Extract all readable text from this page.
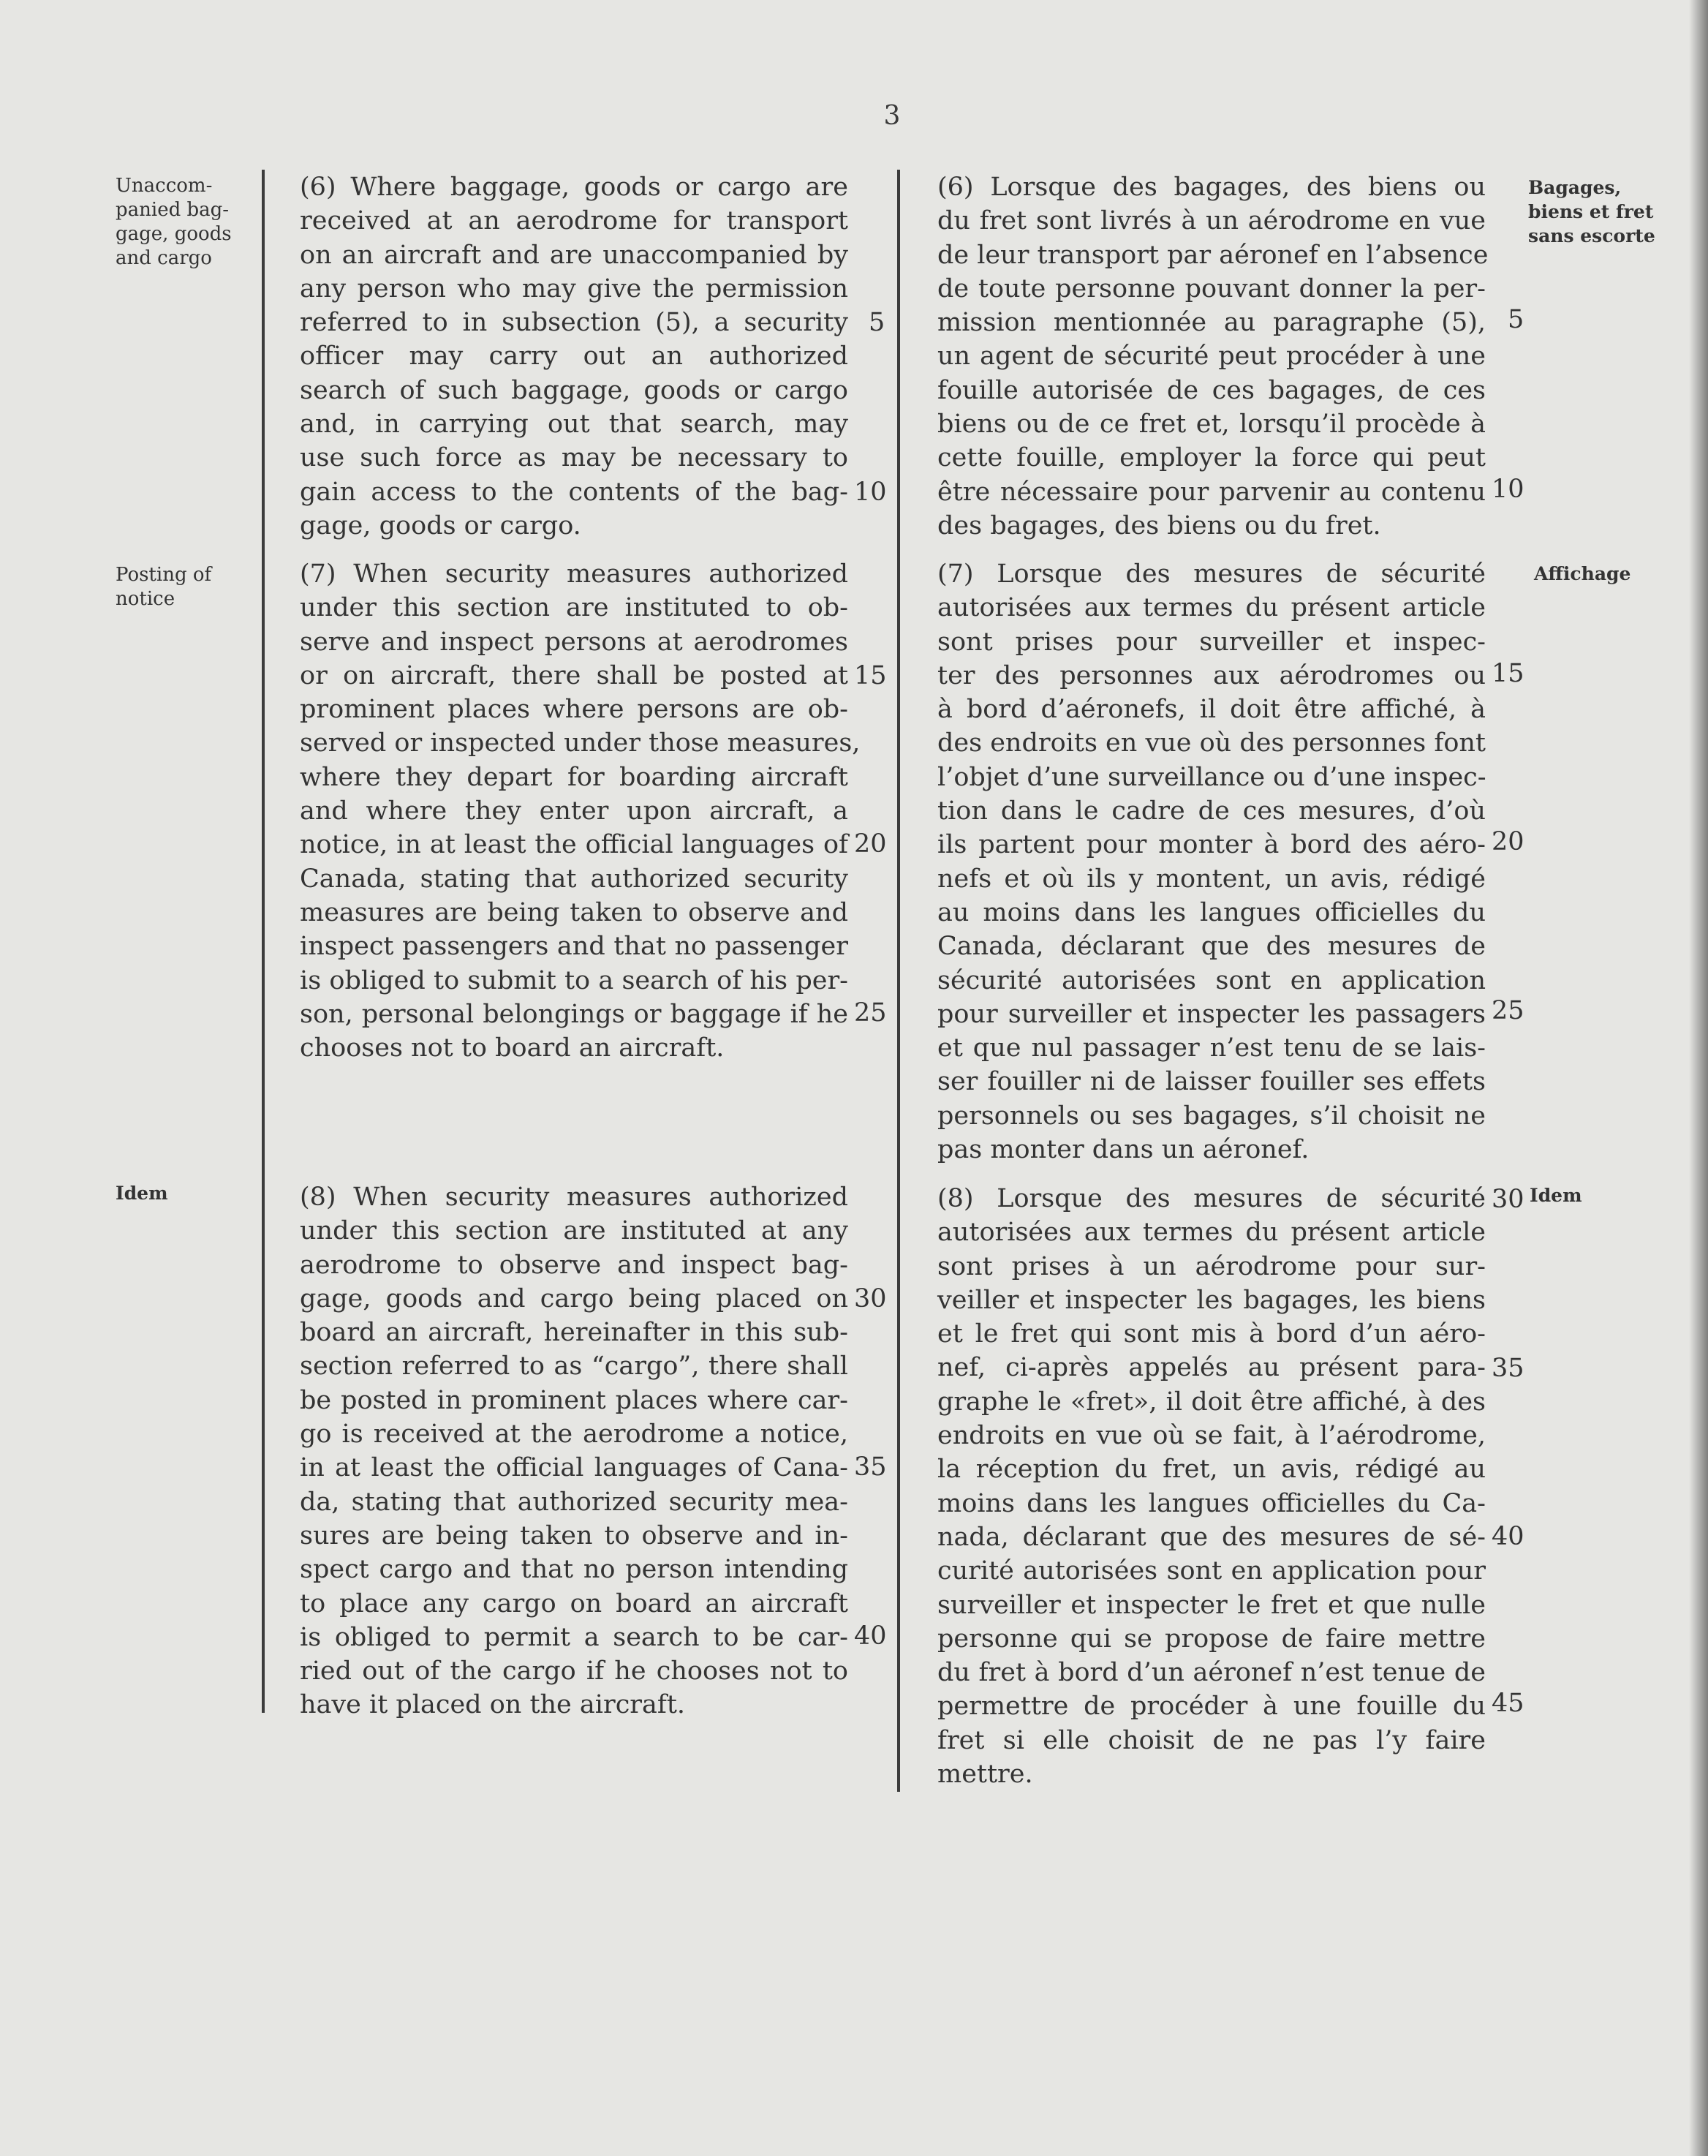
3
Unaccom-
panied bag-
gage, goods
and cargo
Posting of
notice
Idem
Bagages,
biens et fret
sans escorte
Affichage
Idem
(6) Where baggage, goods or cargo are
received at an aerodrome for transport
on an aircraft and are unaccompanied by
any person who may give the permission
referred to in subsection (5), a security
officer may carry out an authorized
search of such baggage, goods or cargo
and, in carrying out that search, may
use such force as may be necessary to
gain access to the contents of the bag-
gage, goods or cargo.
(7) When security measures authorized
under this section are instituted to ob-
serve and inspect persons at aerodromes
or on aircraft, there shall be posted at
prominent places where persons are ob-
served or inspected under those measures,
where they depart for boarding aircraft
and where they enter upon aircraft, a
notice, in at least the official languages of
Canada, stating that authorized security
measures are being taken to observe and
inspect passengers and that no passenger
is obliged to submit to a search of his per-
son, personal belongings or baggage if he
chooses not to board an aircraft.
(8) When security measures authorized
under this section are instituted at any
aerodrome to observe and inspect bag-
gage, goods and cargo being placed on
board an aircraft, hereinafter in this sub-
section referred to as “cargo”, there shall
be posted in prominent places where car-
go is received at the aerodrome a notice,
in at least the official languages of Cana-
da, stating that authorized security mea-
sures are being taken to observe and in-
spect cargo and that no person intending
to place any cargo on board an aircraft
is obliged to permit a search to be car-
ried out of the cargo if he chooses not to
have it placed on the aircraft.
5
10
15
20
25
30
35
40
(6) Lorsque des bagages, des biens ou
du fret sont livrés à un aérodrome en vue
de leur transport par aéronef en l’absence
de toute personne pouvant donner la per-
mission mentionnée au paragraphe (5),
un agent de sécurité peut procéder à une
fouille autorisée de ces bagages, de ces
biens ou de ce fret et, lorsqu’il procède à
cette fouille, employer la force qui peut
être nécessaire pour parvenir au contenu
des bagages, des biens ou du fret.
(7) Lorsque des mesures de sécurité
autorisées aux termes du présent article
sont prises pour surveiller et inspec-
ter des personnes aux aérodromes ou
à bord d’aéronefs, il doit être affiché, à
des endroits en vue où des personnes font
l’objet d’une surveillance ou d’une inspec-
tion dans le cadre de ces mesures, d’où
ils partent pour monter à bord des aéro-
nefs et où ils y montent, un avis, rédigé
au moins dans les langues officielles du
Canada, déclarant que des mesures de
sécurité autorisées sont en application
pour surveiller et inspecter les passagers
et que nul passager n’est tenu de se lais-
ser fouiller ni de laisser fouiller ses effets
personnels ou ses bagages, s’il choisit ne
pas monter dans un aéronef.
(8) Lorsque des mesures de sécurité
autorisées aux termes du présent article
sont prises à un aérodrome pour sur-
veiller et inspecter les bagages, les biens
et le fret qui sont mis à bord d’un aéro-
nef, ci-après appelés au présent para-
graphe le «fret», il doit être affiché, à des
endroits en vue où se fait, à l’aérodrome,
la réception du fret, un avis, rédigé au
moins dans les langues officielles du Ca-
nada, déclarant que des mesures de sé-
curité autorisées sont en application pour
surveiller et inspecter le fret et que nulle
personne qui se propose de faire mettre
du fret à bord d’un aéronef n’est tenue de
permettre de procéder à une fouille du
fret si elle choisit de ne pas l’y faire
mettre.
5
10
15
20
25
30
35
40
45
